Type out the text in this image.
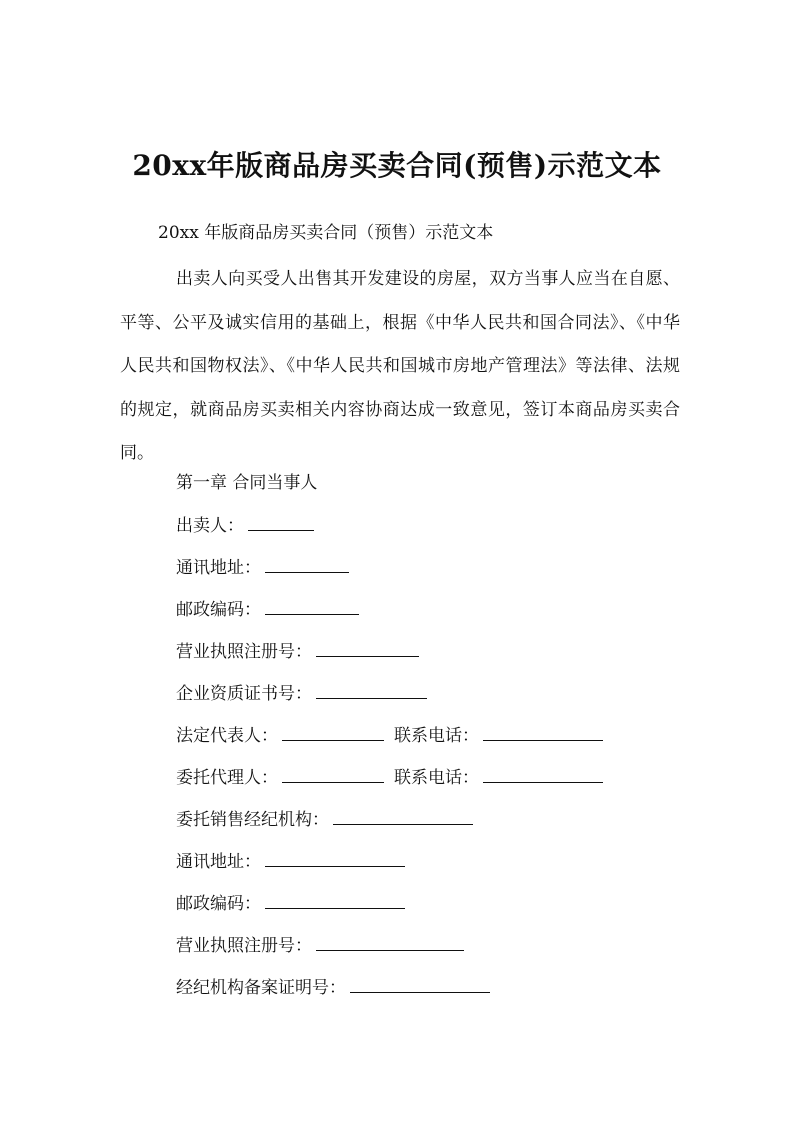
20xx年版商品房买卖合同(预售)示范文本
20xx 年版商品房买卖合同（预售）示范文本
出卖人向买受人出售其开发建设的房屋，双方当事人应当在自愿、平等、公平及诚实信用的基础上，根据《中华人民共和国合同法》、《中华人民共和国物权法》、《中华人民共和国城市房地产管理法》等法律、法规的规定，就商品房买卖相关内容协商达成一致意见，签订本商品房买卖合同。
第一章 合同当事人
出卖人：
通讯地址：
邮政编码：
营业执照注册号：
企业资质证书号：
法定代表人：	联系电话：
委托代理人：	联系电话：
委托销售经纪机构：
通讯地址：
邮政编码：
营业执照注册号：
经纪机构备案证明号：
